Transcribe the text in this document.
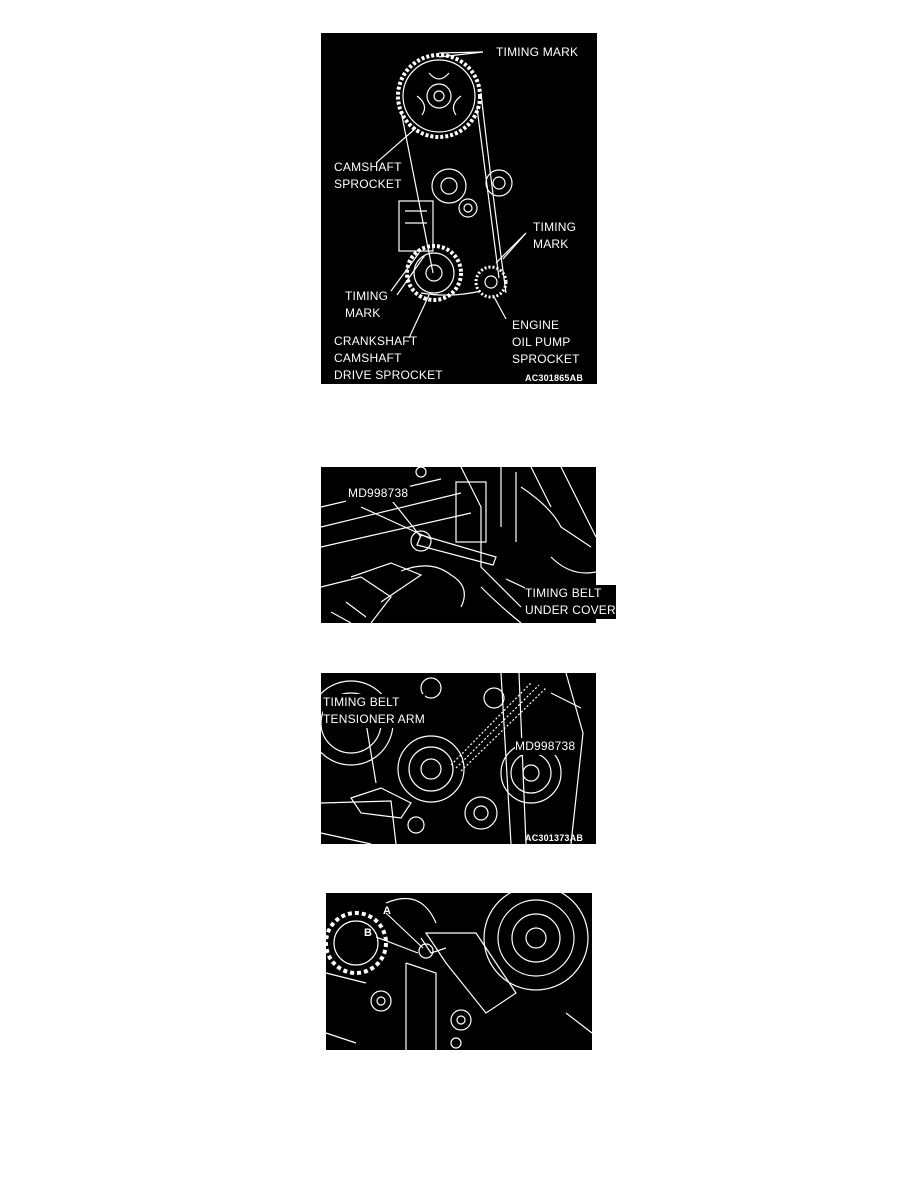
TIMING MARK
CAMSHAFT
SPROCKET
TIMING
MARK
TIMING
MARK
ENGINE
OIL PUMP
SPROCKET
CRANKSHAFT
CAMSHAFT
DRIVE SPROCKET	AC301865AB
MD998738
TIMING BELT
UNDER COVER
TIMING BELT
TENSIONER ARM
MD998738
AC301373AB
A
B
